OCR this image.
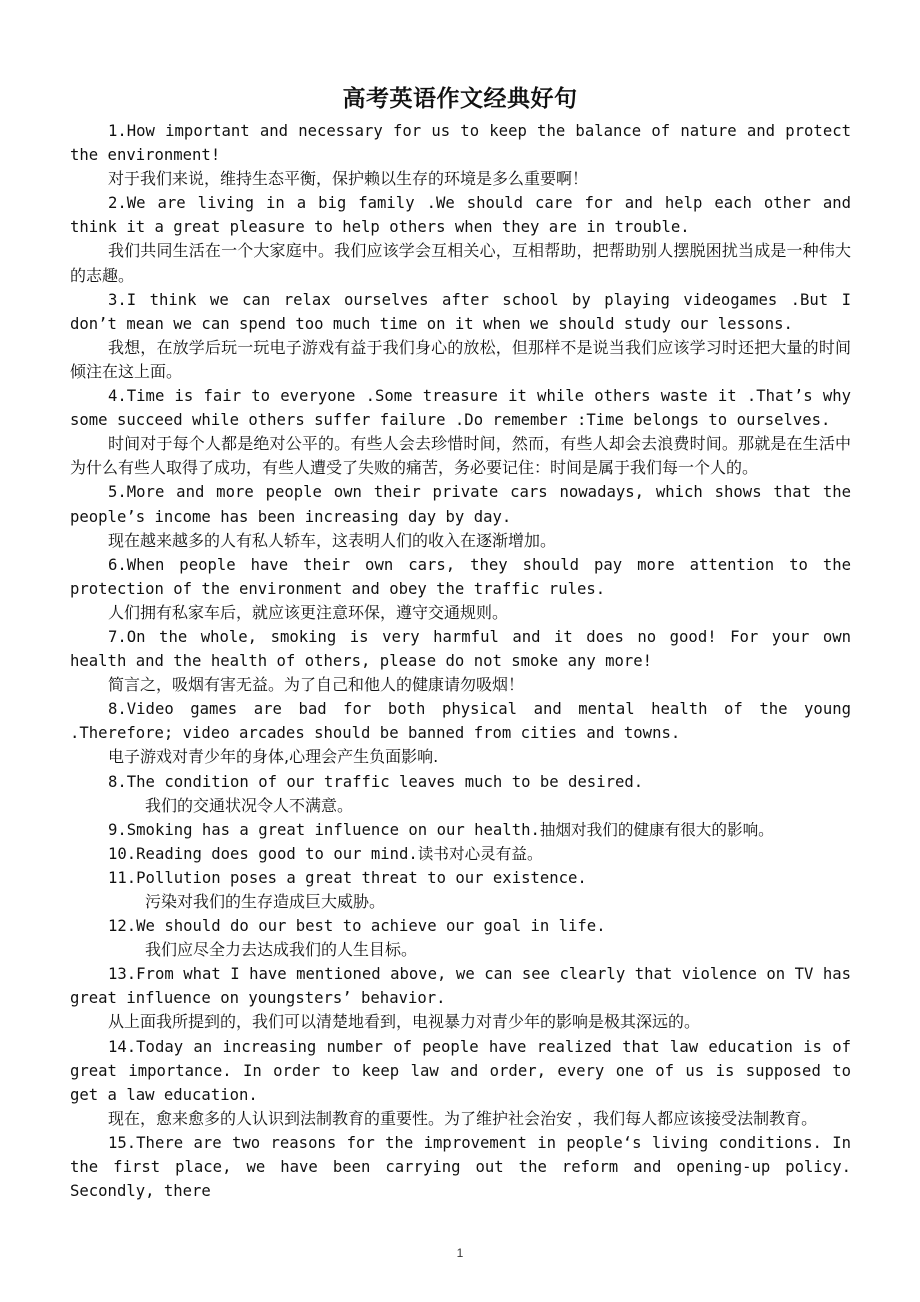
高考英语作文经典好句

1.How important and necessary for us to keep the balance of nature and protect the environment!

对于我们来说，维持生态平衡，保护赖以生存的环境是多么重要啊！

2.We are living in a big family .We should care for and help each other and think it a great pleasure to help others when they are in trouble.

我们共同生活在一个大家庭中。我们应该学会互相关心，互相帮助，把帮助别人摆脱困扰当成是一种伟大的志趣。

3.I think we can relax ourselves after school by playing videogames .But I don’t mean we can spend too much time on it when we should study our lessons.

我想，在放学后玩一玩电子游戏有益于我们身心的放松，但那样不是说当我们应该学习时还把大量的时间倾注在这上面。

4.Time is fair to everyone .Some treasure it while others waste it .That’s why some succeed while others suffer failure .Do remember :Time belongs to ourselves.

时间对于每个人都是绝对公平的。有些人会去珍惜时间，然而，有些人却会去浪费时间。那就是在生活中为什么有些人取得了成功，有些人遭受了失败的痛苦，务必要记住：时间是属于我们每一个人的。

5.More and more people own their private cars nowadays, which shows that the people’s income has been increasing day by day.

现在越来越多的人有私人轿车，这表明人们的收入在逐渐增加。

6.When people have their own cars, they should pay more attention to the protection of the environment and obey the traffic rules.

人们拥有私家车后，就应该更注意环保，遵守交通规则。

7.On the whole, smoking is very harmful and it does no good! For your own health and the health of others, please do not smoke any more!

简言之，吸烟有害无益。为了自己和他人的健康请勿吸烟！

8.Video games are bad for both physical and mental health of the young .Therefore; video arcades should be banned from cities and towns.

电子游戏对青少年的身体,心理会产生负面影响.

8.The condition of our traffic leaves much to be desired.

我们的交通状况令人不满意。

9.Smoking has a great influence on our health.抽烟对我们的健康有很大的影响。

10.Reading does good to our mind.读书对心灵有益。

11.Pollution poses a great threat to our existence.

污染对我们的生存造成巨大威胁。

12.We should do our best to achieve our goal in life.

我们应尽全力去达成我们的人生目标。

13.From what I have mentioned above, we can see clearly that violence on TV has great influence on youngsters’ behavior.

从上面我所提到的，我们可以清楚地看到，电视暴力对青少年的影响是极其深远的。

14.Today an increasing number of people have realized that law education is of great importance. In order to keep law and order, every one of us is supposed to get a law education.

现在，愈来愈多的人认识到法制教育的重要性。为了维护社会治安 ，我们每人都应该接受法制教育。

15.There are two reasons for the improvement in people‘s living conditions. In the first place, we have been carrying out the reform and opening-up policy. Secondly, there

1
